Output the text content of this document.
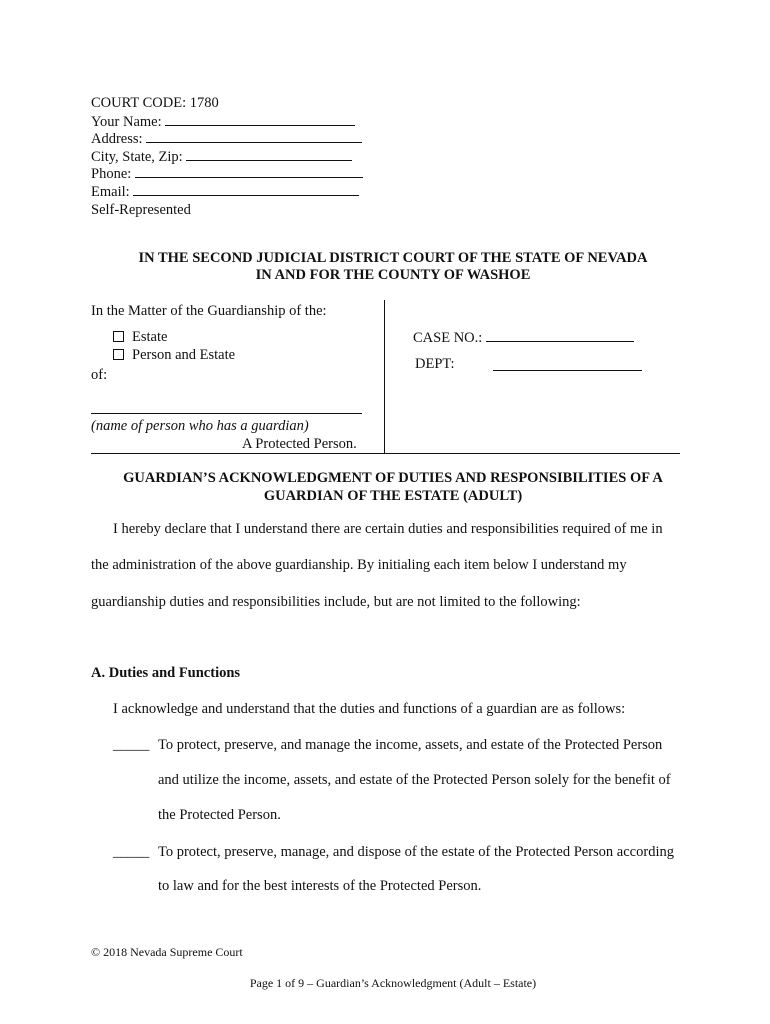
COURT CODE: 1780
Your Name:
Address:
City, State, Zip:
Phone:
Email:
Self-Represented
IN THE SECOND JUDICIAL DISTRICT COURT OF THE STATE OF NEVADA
IN AND FOR THE COUNTY OF WASHOE
In the Matter of the Guardianship of the:
Estate
Person and Estate
of:
(name of person who has a guardian)
A Protected Person.
CASE NO.:
DEPT:
GUARDIAN’S ACKNOWLEDGMENT OF DUTIES AND RESPONSIBILITIES OF A
GUARDIAN OF THE ESTATE (ADULT)
I hereby declare that I understand there are certain duties and responsibilities required of me in
the administration of the above guardianship. By initialing each item below I understand my
guardianship duties and responsibilities include, but are not limited to the following:
A. Duties and Functions
I acknowledge and understand that the duties and functions of a guardian are as follows:
_____ To protect, preserve, and manage the income, assets, and estate of the Protected Person
and utilize the income, assets, and estate of the Protected Person solely for the benefit of
the Protected Person.
_____ To protect, preserve, manage, and dispose of the estate of the Protected Person according
to law and for the best interests of the Protected Person.
© 2018 Nevada Supreme Court
Page 1 of 9 – Guardian’s Acknowledgment (Adult – Estate)
